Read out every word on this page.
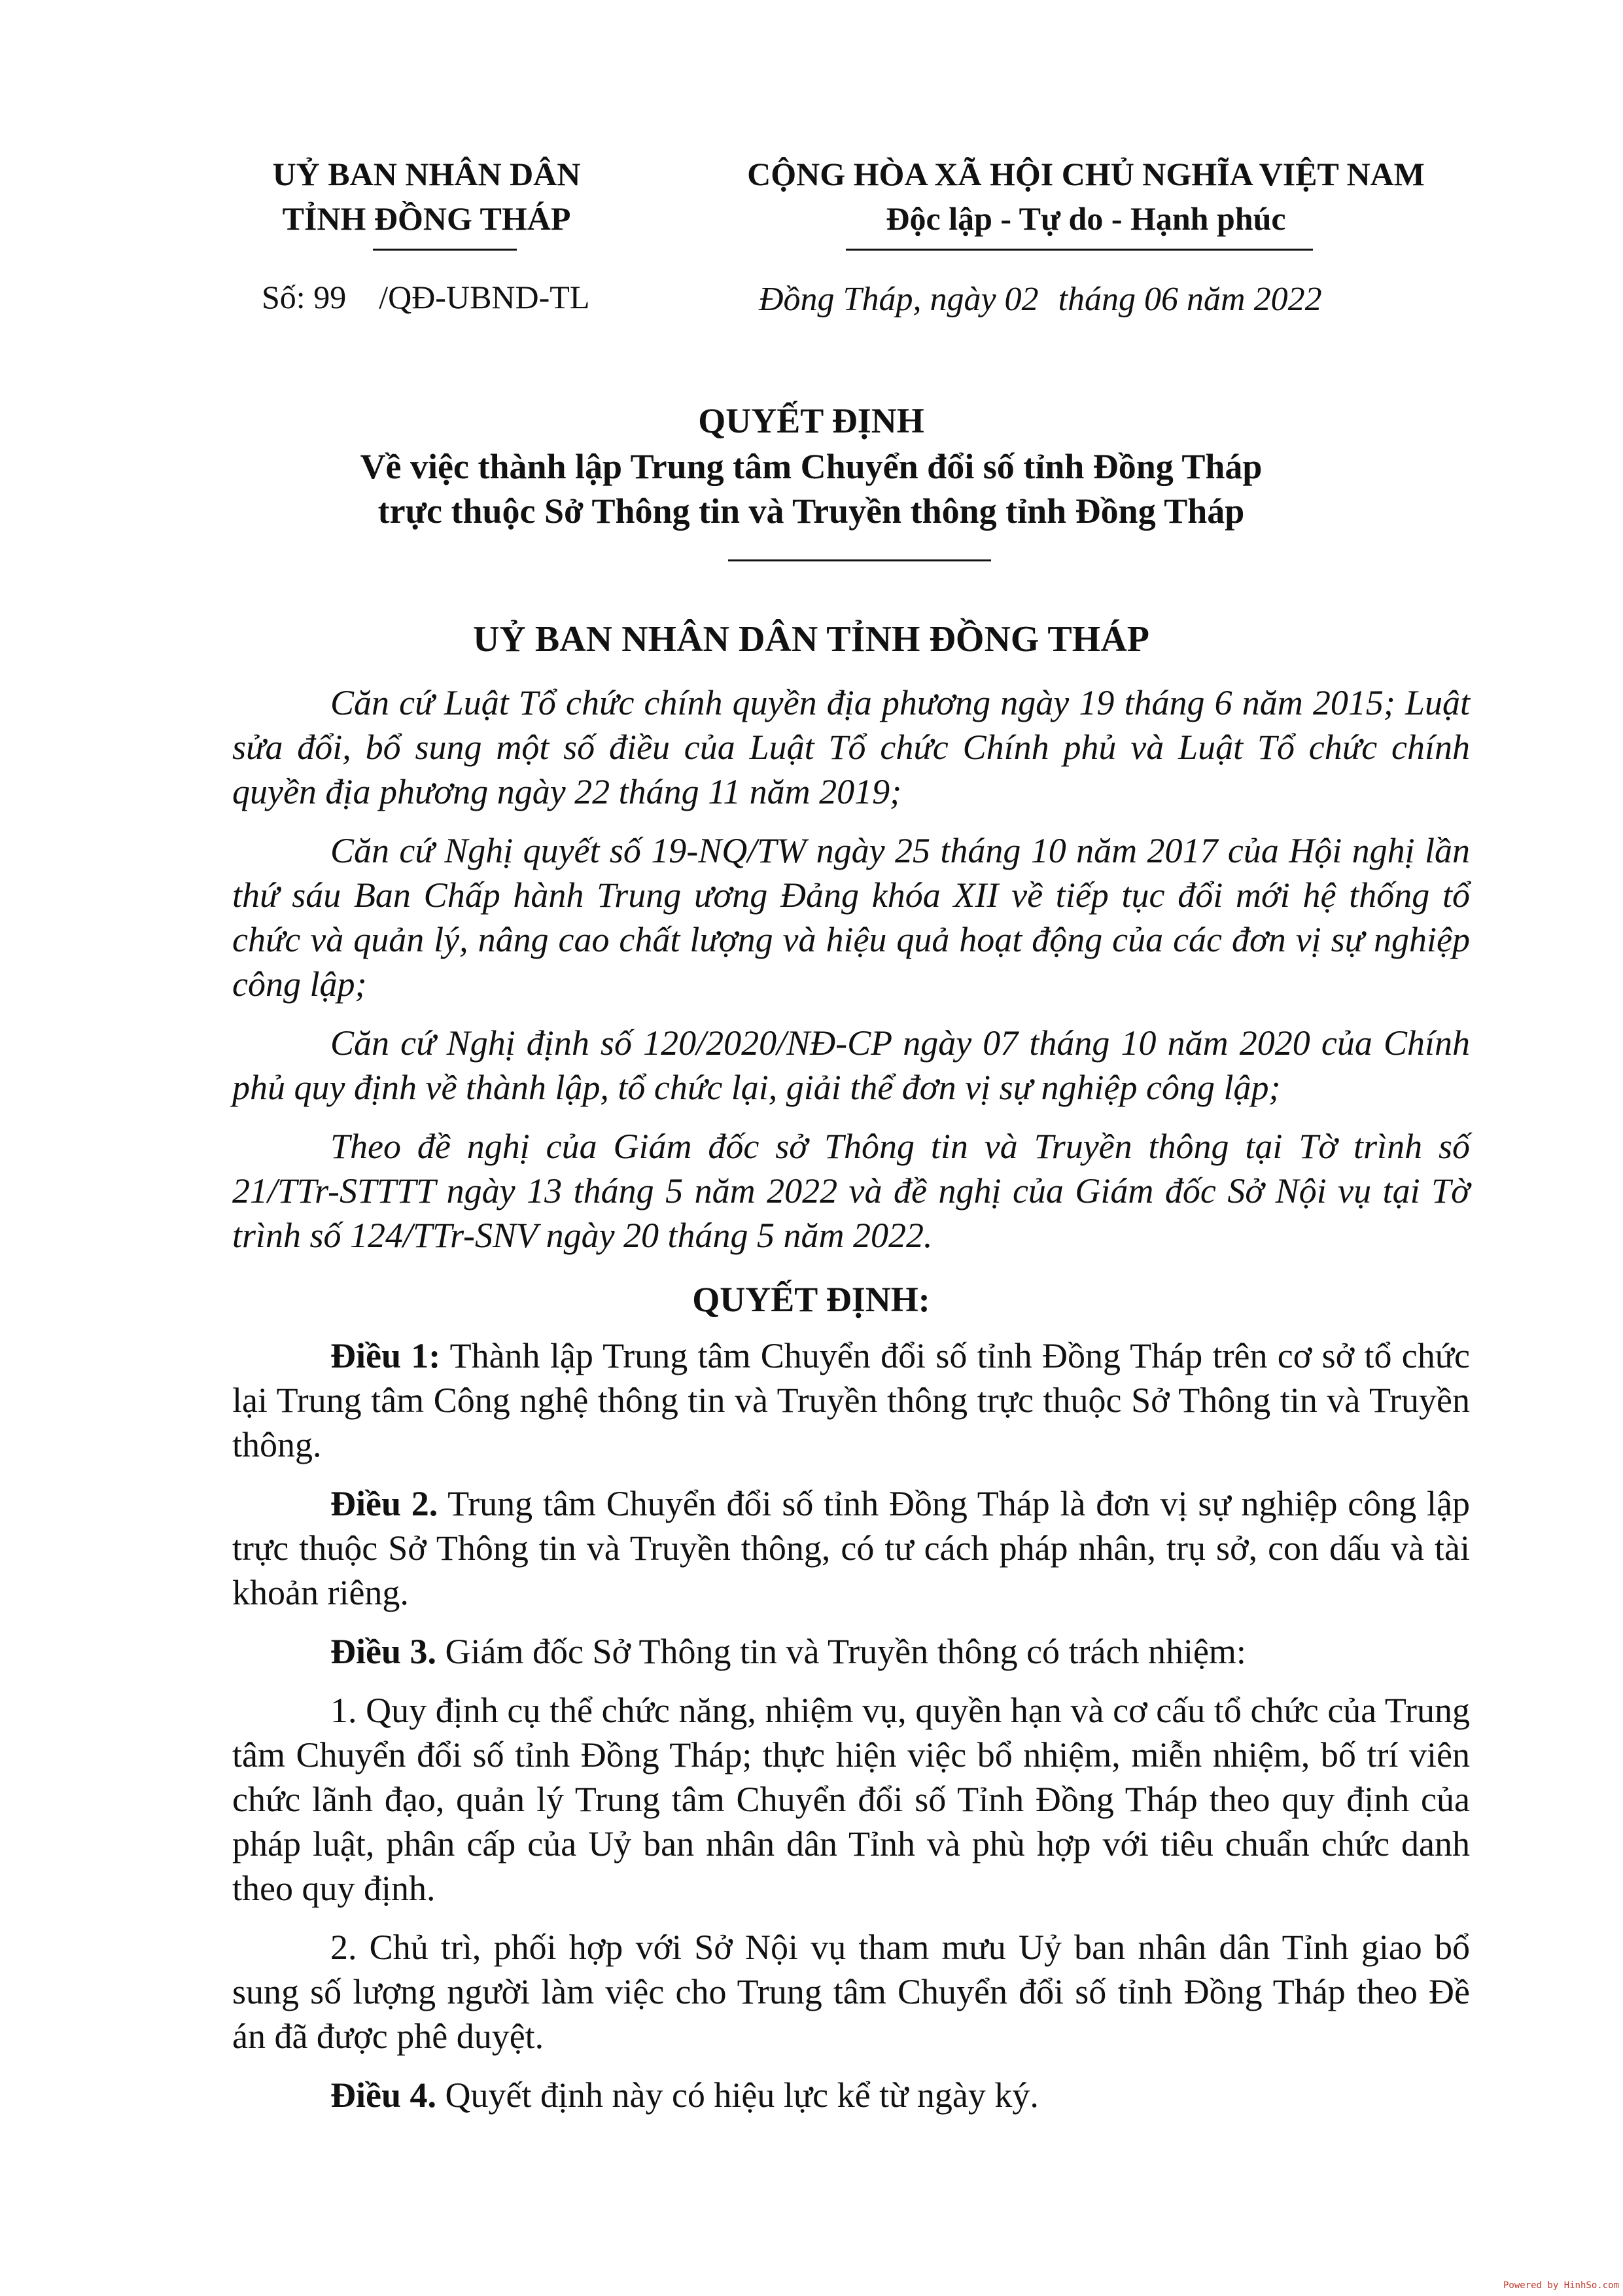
UỶ BAN NHÂN DÂN
TỈNH ĐỒNG THÁP
CỘNG HÒA XÃ HỘI CHỦ NGHĨA VIỆT NAM
Độc lập - Tự do - Hạnh phúc
Số: 99 /QĐ-UBND-TL	Đồng Tháp, ngày 02 tháng 06 năm 2022
QUYẾT ĐỊNH
Về việc thành lập Trung tâm Chuyển đổi số tỉnh Đồng Tháp
trực thuộc Sở Thông tin và Truyền thông tỉnh Đồng Tháp
UỶ BAN NHÂN DÂN TỈNH ĐỒNG THÁP

Căn cứ Luật Tổ chức chính quyền địa phương ngày 19 tháng 6 năm 2015; Luật sửa đổi, bổ sung một số điều của Luật Tổ chức Chính phủ và Luật Tổ chức chính quyền địa phương ngày 22 tháng 11 năm 2019;

Căn cứ Nghị quyết số 19-NQ/TW ngày 25 tháng 10 năm 2017 của Hội nghị lần thứ sáu Ban Chấp hành Trung ương Đảng khóa XII về tiếp tục đổi mới hệ thống tổ chức và quản lý, nâng cao chất lượng và hiệu quả hoạt động của các đơn vị sự nghiệp công lập;

Căn cứ Nghị định số 120/2020/NĐ-CP ngày 07 tháng 10 năm 2020 của Chính phủ quy định về thành lập, tổ chức lại, giải thể đơn vị sự nghiệp công lập;

Theo đề nghị của Giám đốc sở Thông tin và Truyền thông tại Tờ trình số 21/TTr-STTTT ngày 13 tháng 5 năm 2022 và đề nghị của Giám đốc Sở Nội vụ tại Tờ trình số 124/TTr-SNV ngày 20 tháng 5 năm 2022.

QUYẾT ĐỊNH:

Điều 1: Thành lập Trung tâm Chuyển đổi số tỉnh Đồng Tháp trên cơ sở tổ chức lại Trung tâm Công nghệ thông tin và Truyền thông trực thuộc Sở Thông tin và Truyền thông.

Điều 2. Trung tâm Chuyển đổi số tỉnh Đồng Tháp là đơn vị sự nghiệp công lập trực thuộc Sở Thông tin và Truyền thông, có tư cách pháp nhân, trụ sở, con dấu và tài khoản riêng.

Điều 3. Giám đốc Sở Thông tin và Truyền thông có trách nhiệm:

1. Quy định cụ thể chức năng, nhiệm vụ, quyền hạn và cơ cấu tổ chức của Trung tâm Chuyển đổi số tỉnh Đồng Tháp; thực hiện việc bổ nhiệm, miễn nhiệm, bố trí viên chức lãnh đạo, quản lý Trung tâm Chuyển đổi số Tỉnh Đồng Tháp theo quy định của pháp luật, phân cấp của Uỷ ban nhân dân Tỉnh và phù hợp với tiêu chuẩn chức danh theo quy định.

2. Chủ trì, phối hợp với Sở Nội vụ tham mưu Uỷ ban nhân dân Tỉnh giao bổ sung số lượng người làm việc cho Trung tâm Chuyển đổi số tỉnh Đồng Tháp theo Đề án đã được phê duyệt.

Điều 4. Quyết định này có hiệu lực kể từ ngày ký.

Powered by HinhSo.com
